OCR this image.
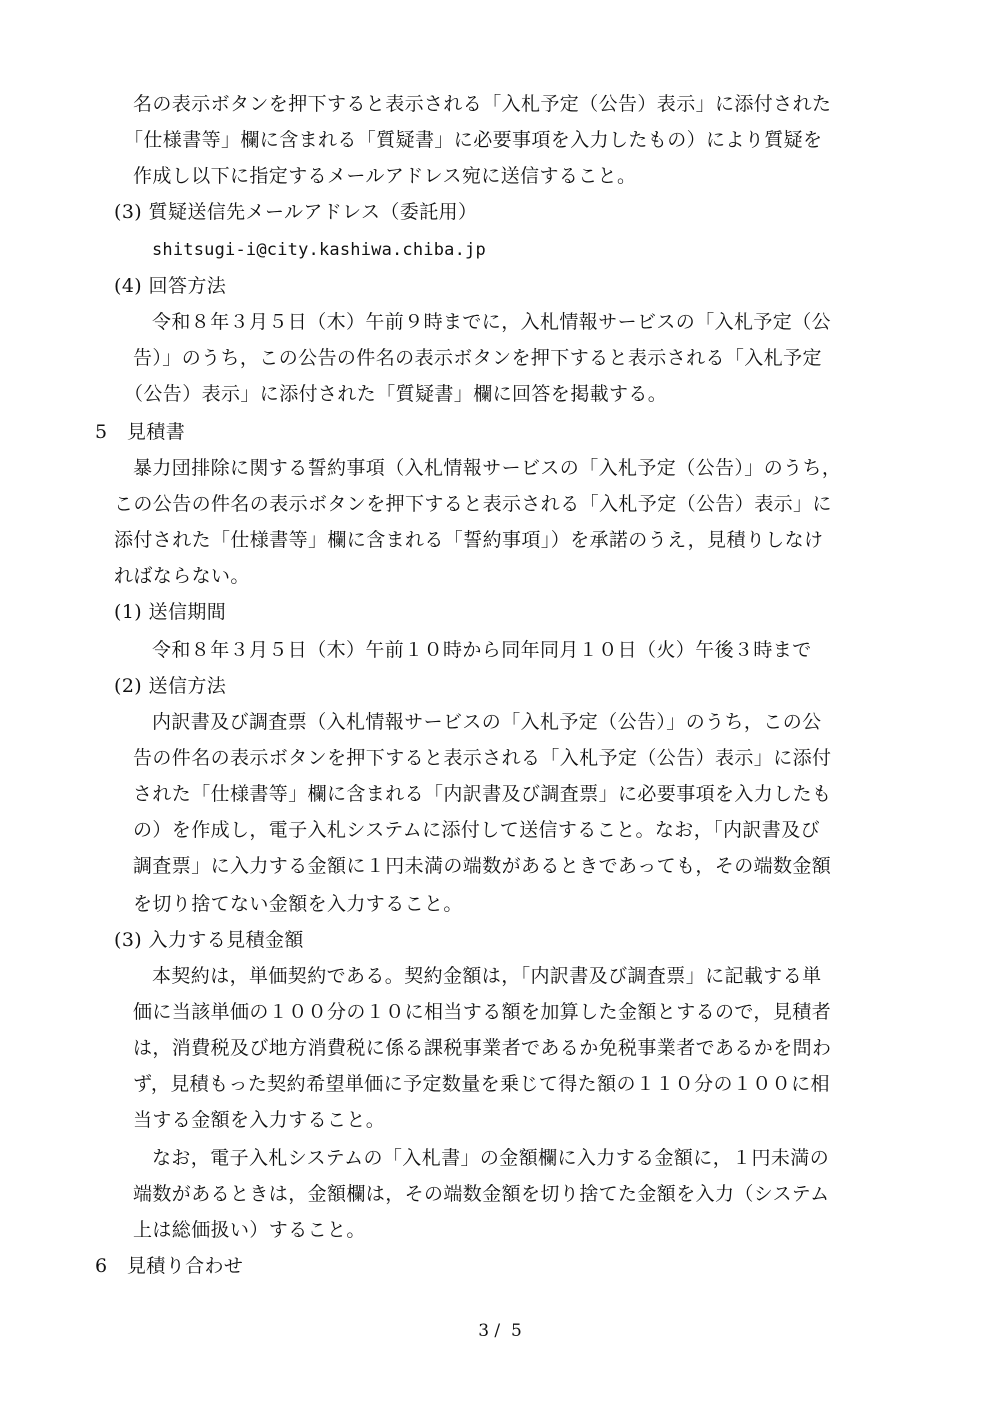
名の表示ボタンを押下すると表示される「入札予定（公告）表示」に添付された
「仕様書等」欄に含まれる「質疑書」に必要事項を入力したもの）により質疑を
作成し以下に指定するメールアドレス宛に送信すること。
(3) 質疑送信先メールアドレス（委託用）
shitsugi-i@city.kashiwa.chiba.jp
(4) 回答方法
令和８年３月５日（木）午前９時までに，入札情報サービスの「入札予定（公
告）」のうち，この公告の件名の表示ボタンを押下すると表示される「入札予定
（公告）表示」に添付された「質疑書」欄に回答を掲載する。
5　見積書
暴力団排除に関する誓約事項（入札情報サービスの「入札予定（公告）」のうち，
この公告の件名の表示ボタンを押下すると表示される「入札予定（公告）表示」に
添付された「仕様書等」欄に含まれる「誓約事項」）を承諾のうえ，見積りしなけ
ればならない。
(1) 送信期間
令和８年３月５日（木）午前１０時から同年同月１０日（火）午後３時まで
(2) 送信方法
内訳書及び調査票（入札情報サービスの「入札予定（公告）」のうち，この公
告の件名の表示ボタンを押下すると表示される「入札予定（公告）表示」に添付
された「仕様書等」欄に含まれる「内訳書及び調査票」に必要事項を入力したも
の）を作成し，電子入札システムに添付して送信すること。なお，「内訳書及び
調査票」に入力する金額に１円未満の端数があるときであっても，その端数金額
を切り捨てない金額を入力すること。
(3) 入力する見積金額
本契約は，単価契約である。契約金額は，「内訳書及び調査票」に記載する単
価に当該単価の１００分の１０に相当する額を加算した金額とするので，見積者
は，消費税及び地方消費税に係る課税事業者であるか免税事業者であるかを問わ
ず，見積もった契約希望単価に予定数量を乗じて得た額の１１０分の１００に相
当する金額を入力すること。
なお，電子入札システムの「入札書」の金額欄に入力する金額に，１円未満の
端数があるときは，金額欄は，その端数金額を切り捨てた金額を入力（システム
上は総価扱い）すること。
6　見積り合わせ
3 /  5
